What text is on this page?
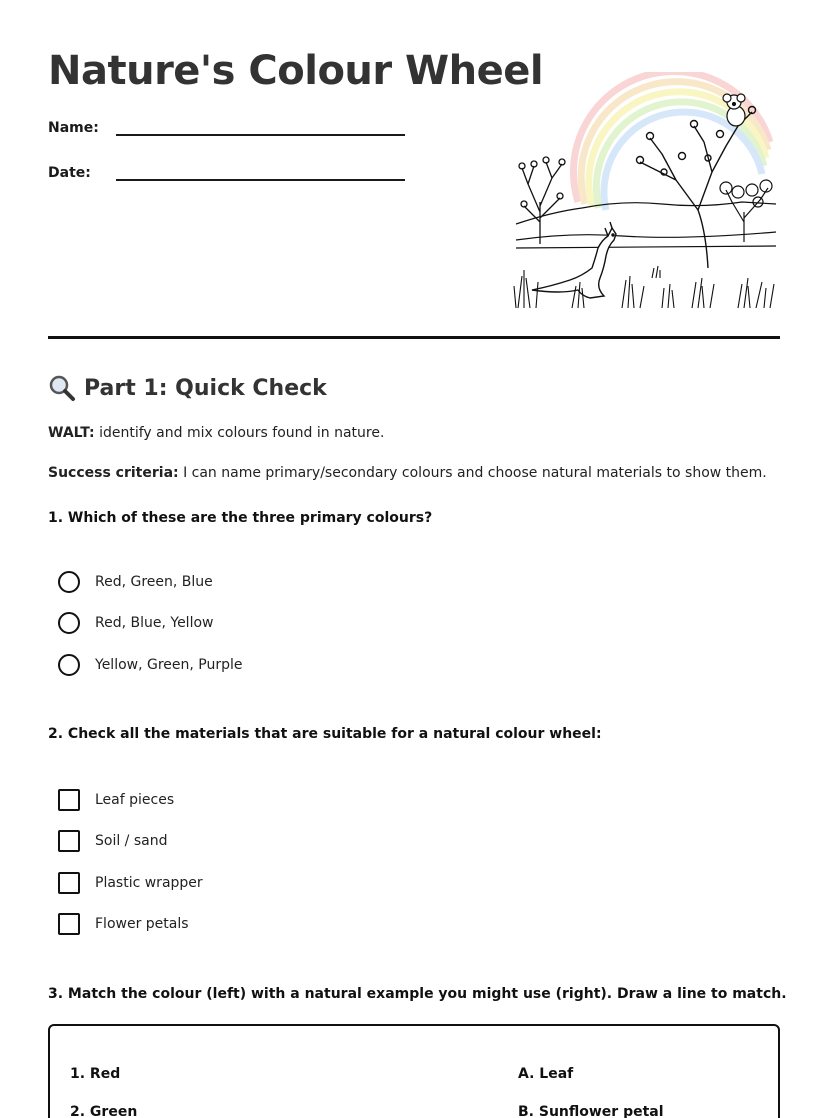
Nature's Colour Wheel
Name:
Date:
Part 1: Quick Check
WALT: identify and mix colours found in nature.
Success criteria: I can name primary/secondary colours and choose natural materials to show them.
1. Which of these are the three primary colours?
Red, Green, Blue
Red, Blue, Yellow
Yellow, Green, Purple
2. Check all the materials that are suitable for a natural colour wheel:
Leaf pieces
Soil / sand
Plastic wrapper
Flower petals
3. Match the colour (left) with a natural example you might use (right). Draw a line to match.
1. Red
2. Green
A. Leaf
B. Sunflower petal
